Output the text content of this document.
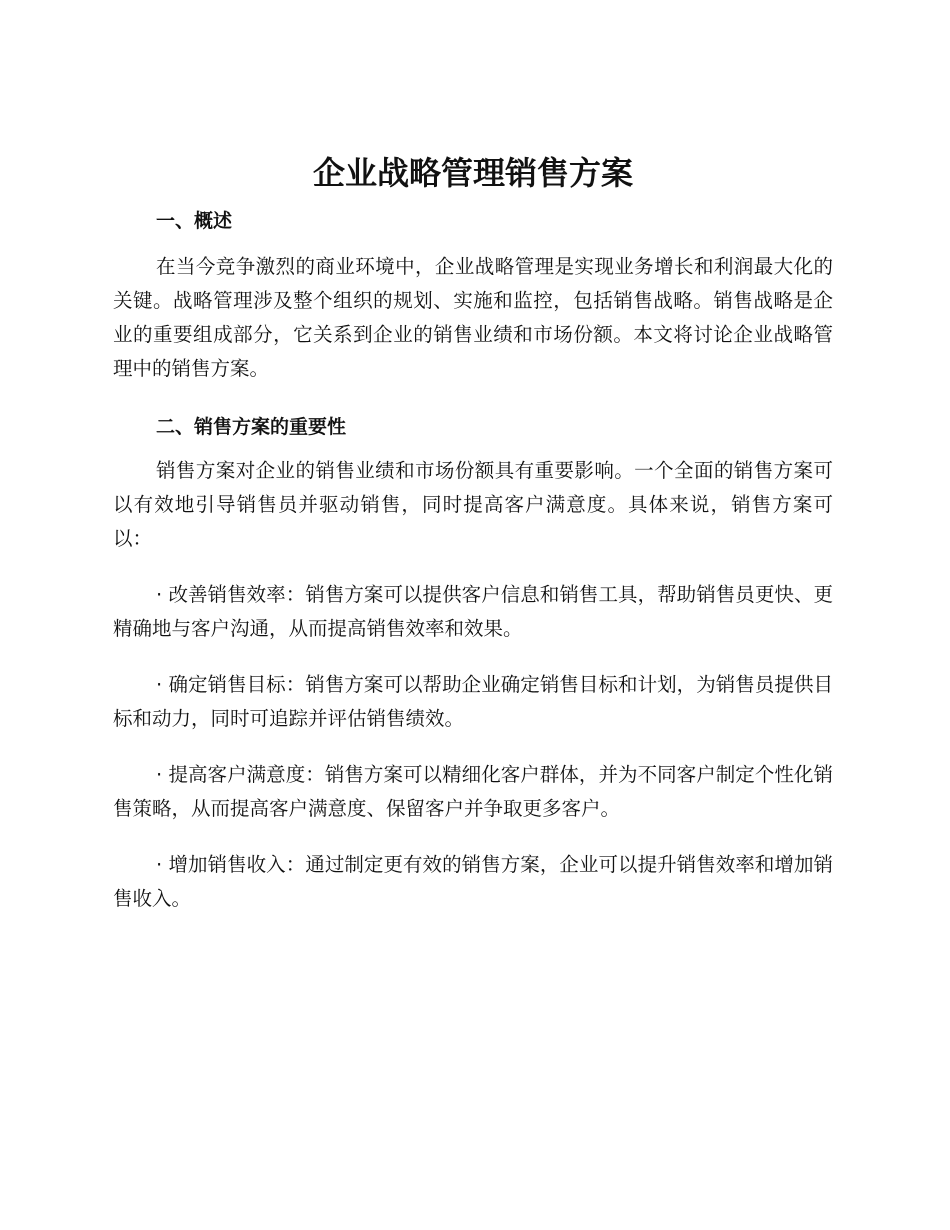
企业战略管理销售方案
一、概述

在当今竞争激烈的商业环境中，企业战略管理是实现业务增长和利润最大化的关键。战略管理涉及整个组织的规划、实施和监控，包括销售战略。销售战略是企业的重要组成部分，它关系到企业的销售业绩和市场份额。本文将讨论企业战略管理中的销售方案。

二、销售方案的重要性

销售方案对企业的销售业绩和市场份额具有重要影响。一个全面的销售方案可以有效地引导销售员并驱动销售，同时提高客户满意度。具体来说，销售方案可以：

· 改善销售效率：销售方案可以提供客户信息和销售工具，帮助销售员更快、更精确地与客户沟通，从而提高销售效率和效果。

· 确定销售目标：销售方案可以帮助企业确定销售目标和计划，为销售员提供目标和动力，同时可追踪并评估销售绩效。

· 提高客户满意度：销售方案可以精细化客户群体，并为不同客户制定个性化销售策略，从而提高客户满意度、保留客户并争取更多客户。

· 增加销售收入：通过制定更有效的销售方案，企业可以提升销售效率和增加销售收入。
